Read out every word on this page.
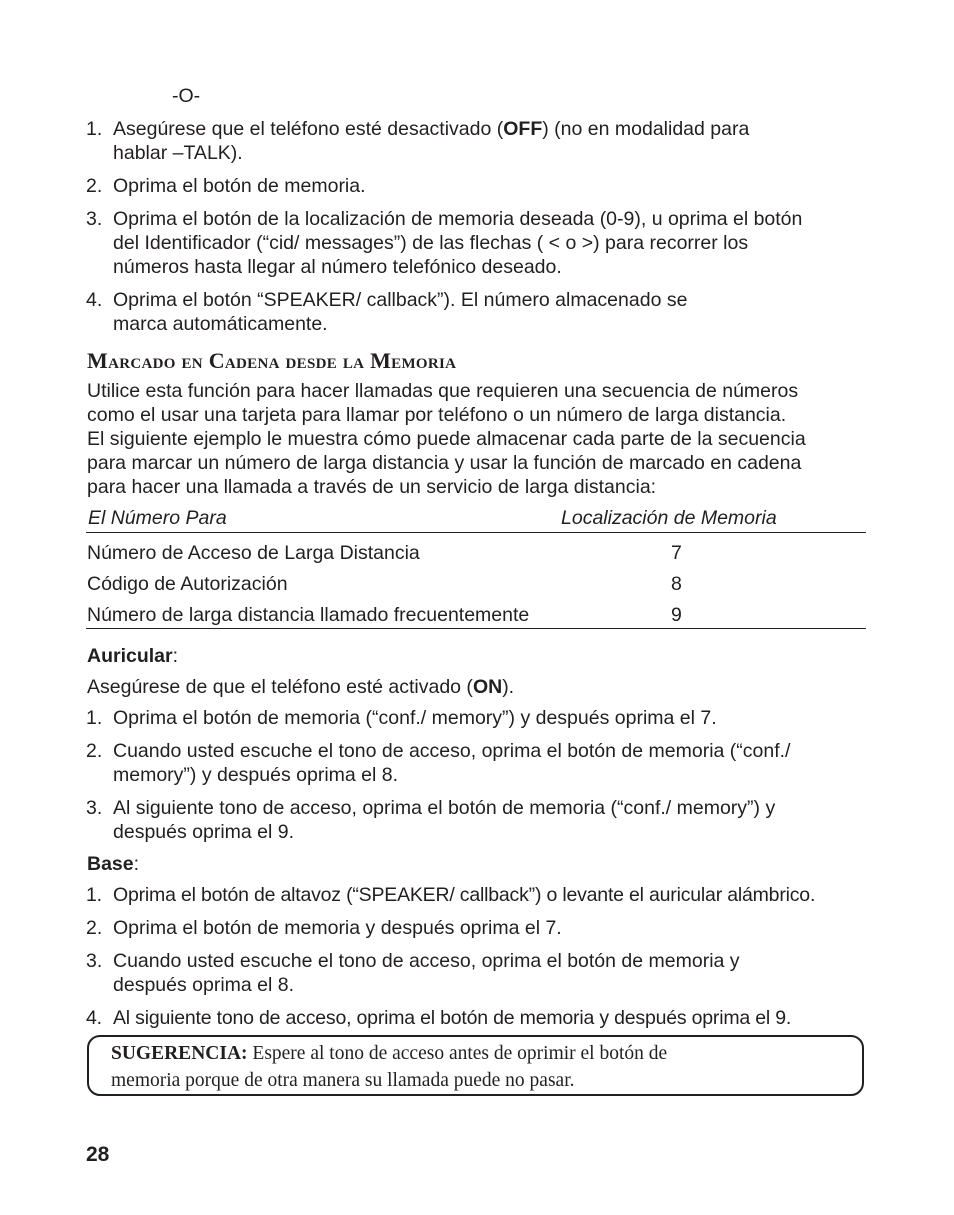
-O-
1. Asegúrese que el teléfono esté desactivado (OFF) (no en modalidad para
hablar –TALK).
2. Oprima el botón de memoria.
3. Oprima el botón de la localización de memoria deseada (0-9), u oprima el botón
del Identificador (“cid/ messages”) de las flechas ( < o >) para recorrer los
números hasta llegar al número telefónico deseado.
4. Oprima el botón “SPEAKER/ callback”). El número almacenado se
marca automáticamente.
Marcado en Cadena desde la Memoria
Utilice esta función para hacer llamadas que requieren una secuencia de números
como el usar una tarjeta para llamar por teléfono o un número de larga distancia.
El siguiente ejemplo le muestra cómo puede almacenar cada parte de la secuencia
para marcar un número de larga distancia y usar la función de marcado en cadena
para hacer una llamada a través de un servicio de larga distancia:
El Número Para	Localización de Memoria
Número de Acceso de Larga Distancia	7
Código de Autorización	8
Número de larga distancia llamado frecuentemente	9
Auricular:
Asegúrese de que el teléfono esté activado (ON).
1. Oprima el botón de memoria (“conf./ memory”) y después oprima el 7.
2. Cuando usted escuche el tono de acceso, oprima el botón de memoria (“conf./
memory”) y después oprima el 8.
3. Al siguiente tono de acceso, oprima el botón de memoria (“conf./ memory”) y
después oprima el 9.
Base:
1. Oprima el botón de altavoz (“SPEAKER/ callback”) o levante el auricular alámbrico.
2. Oprima el botón de memoria y después oprima el 7.
3. Cuando usted escuche el tono de acceso, oprima el botón de memoria y
después oprima el 8.
4. Al siguiente tono de acceso, oprima el botón de memoria y después oprima el 9.
SUGERENCIA: Espere al tono de acceso antes de oprimir el botón de
memoria porque de otra manera su llamada puede no pasar.
28
